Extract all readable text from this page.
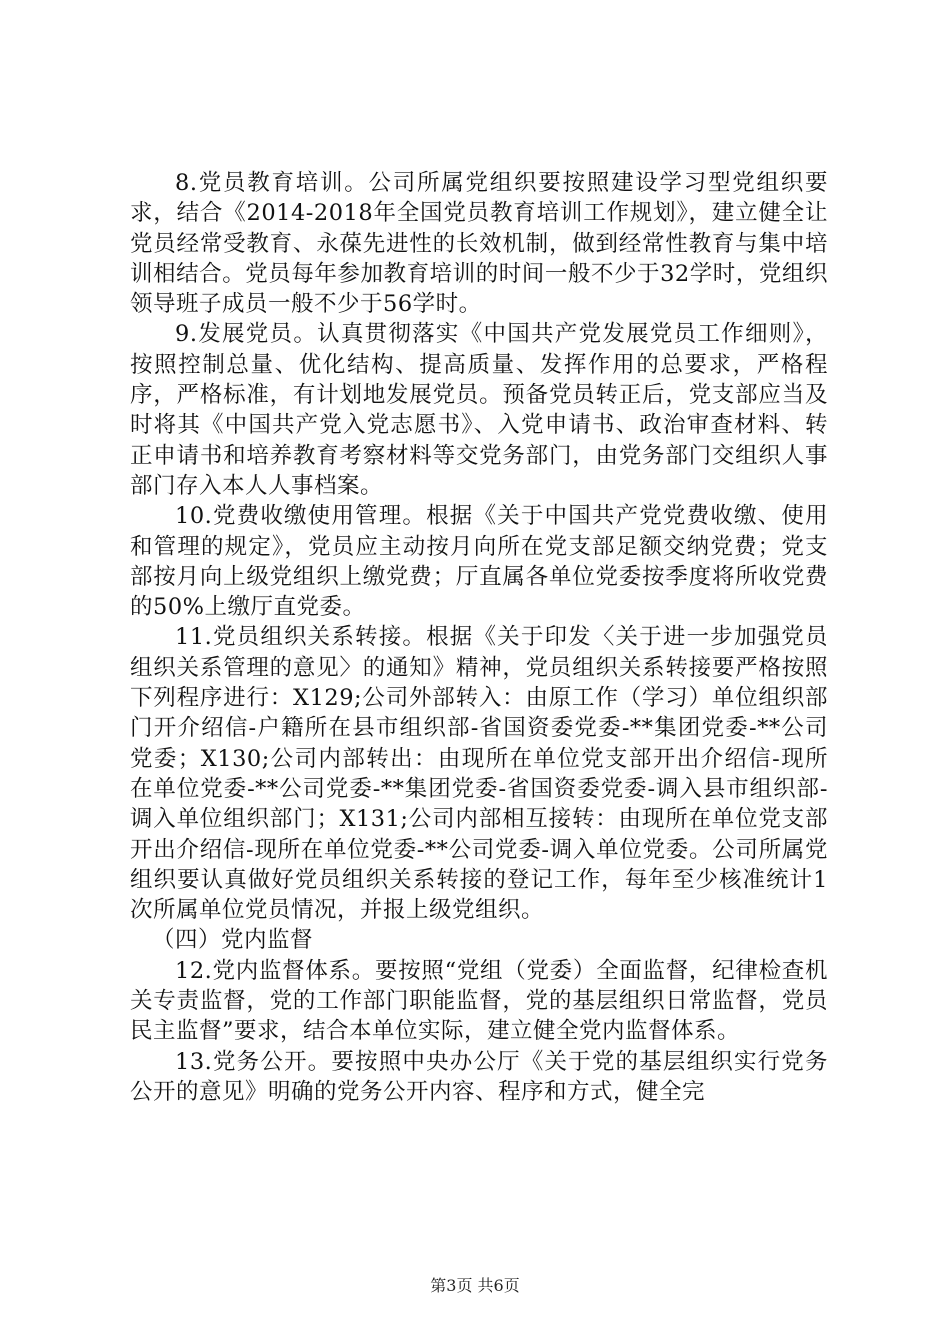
8.党员教育培训。公司所属党组织要按照建设学习型党组织要求，结合《2014-2018年全国党员教育培训工作规划》，建立健全让党员经常受教育、永葆先进性的长效机制，做到经常性教育与集中培训相结合。党员每年参加教育培训的时间一般不少于32学时，党组织领导班子成员一般不少于56学时。

9.发展党员。认真贯彻落实《中国共产党发展党员工作细则》，按照控制总量、优化结构、提高质量、发挥作用的总要求，严格程序，严格标准，有计划地发展党员。预备党员转正后，党支部应当及时将其《中国共产党入党志愿书》、入党申请书、政治审查材料、转正申请书和培养教育考察材料等交党务部门，由党务部门交组织人事部门存入本人人事档案。

10.党费收缴使用管理。根据《关于中国共产党党费收缴、使用和管理的规定》，党员应主动按月向所在党支部足额交纳党费；党支部按月向上级党组织上缴党费；厅直属各单位党委按季度将所收党费的50%上缴厅直党委。

11.党员组织关系转接。根据《关于印发〈关于进一步加强党员组织关系管理的意见〉的通知》精神，党员组织关系转接要严格按照下列程序进行：X129;公司外部转入：由原工作（学习）单位组织部门开介绍信-户籍所在县市组织部-省国资委党委-**集团党委-**公司党委；X130;公司内部转出：由现所在单位党支部开出介绍信-现所在单位党委-**公司党委-**集团党委-省国资委党委-调入县市组织部-调入单位组织部门；X131;公司内部相互接转：由现所在单位党支部开出介绍信-现所在单位党委-**公司党委-调入单位党委。公司所属党组织要认真做好党员组织关系转接的登记工作，每年至少核准统计1次所属单位党员情况，并报上级党组织。

（四）党内监督

12.党内监督体系。要按照“党组（党委）全面监督，纪律检查机关专责监督，党的工作部门职能监督，党的基层组织日常监督，党员民主监督”要求，结合本单位实际，建立健全党内监督体系。

13.党务公开。要按照中央办公厅《关于党的基层组织实行党务公开的意见》明确的党务公开内容、程序和方式，健全完

第3页 共6页
